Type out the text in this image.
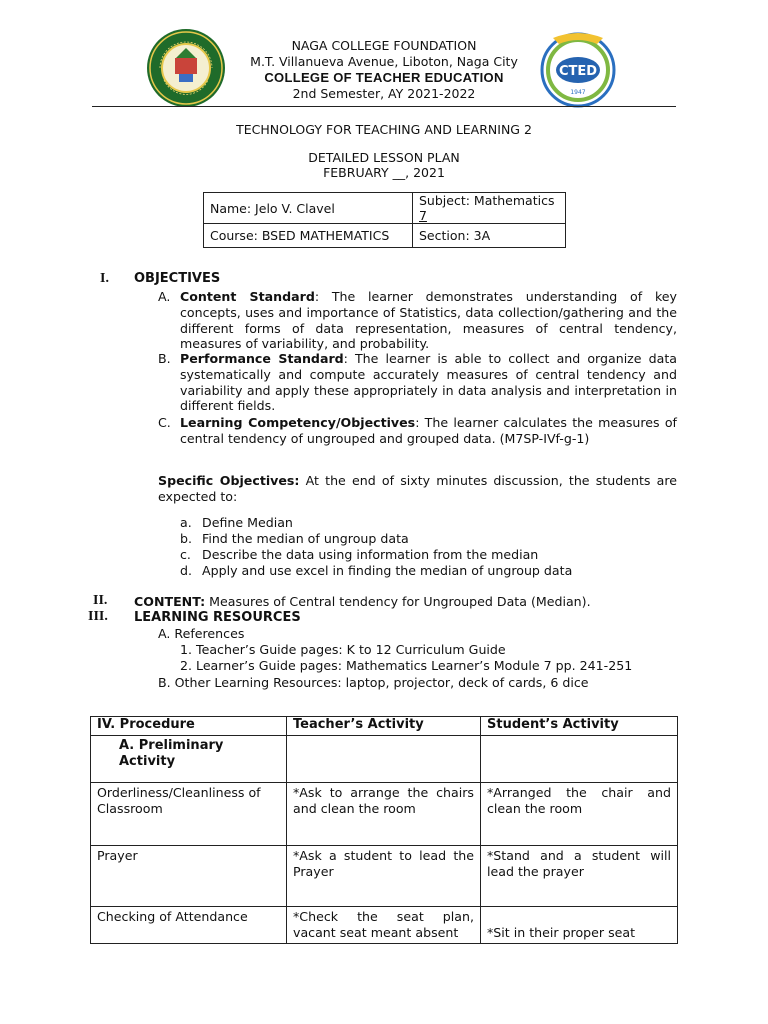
CTED
1947
NAGA COLLEGE FOUNDATION
M.T. Villanueva Avenue, Liboton, Naga City
COLLEGE OF TEACHER EDUCATION
2nd Semester, AY 2021-2022
TECHNOLOGY FOR TEACHING AND LEARNING 2
DETAILED LESSON PLAN
FEBRUARY __, 2021
Name: Jelo V. Clavel	Subject: Mathematics 7
Course: BSED MATHEMATICS	Section: 3A
I. OBJECTIVES
A. Content Standard: The learner demonstrates understanding of key concepts, uses and importance of Statistics, data collection/gathering and the different forms of data representation, measures of central tendency, measures of variability, and probability.
B. Performance Standard: The learner is able to collect and organize data systematically and compute accurately measures of central tendency and variability and apply these appropriately in data analysis and interpretation in different fields.
C. Learning Competency/Objectives: The learner calculates the measures of central tendency of ungrouped and grouped data. (M7SP-IVf-g-1)
Specific Objectives: At the end of sixty minutes discussion, the students are expected to:
a. Define Median
b. Find the median of ungroup data
c. Describe the data using information from the median
d. Apply and use excel in finding the median of ungroup data
II. CONTENT: Measures of Central tendency for Ungrouped Data (Median).
III. LEARNING RESOURCES
A. References
1. Teacher’s Guide pages: K to 12 Curriculum Guide
2. Learner’s Guide pages: Mathematics Learner’s Module 7 pp. 241-251
B. Other Learning Resources: laptop, projector, deck of cards, 6 dice
IV. Procedure	Teacher’s Activity	Student’s Activity
A. Preliminary Activity		
Orderliness/Cleanliness of Classroom	*Ask to arrange the chairs and clean the room	*Arranged the chair and clean the room
Prayer	*Ask a student to lead the Prayer	*Stand and a student will lead the prayer
Checking of Attendance	*Check the seat plan, vacant seat meant absent	*Sit in their proper seat
